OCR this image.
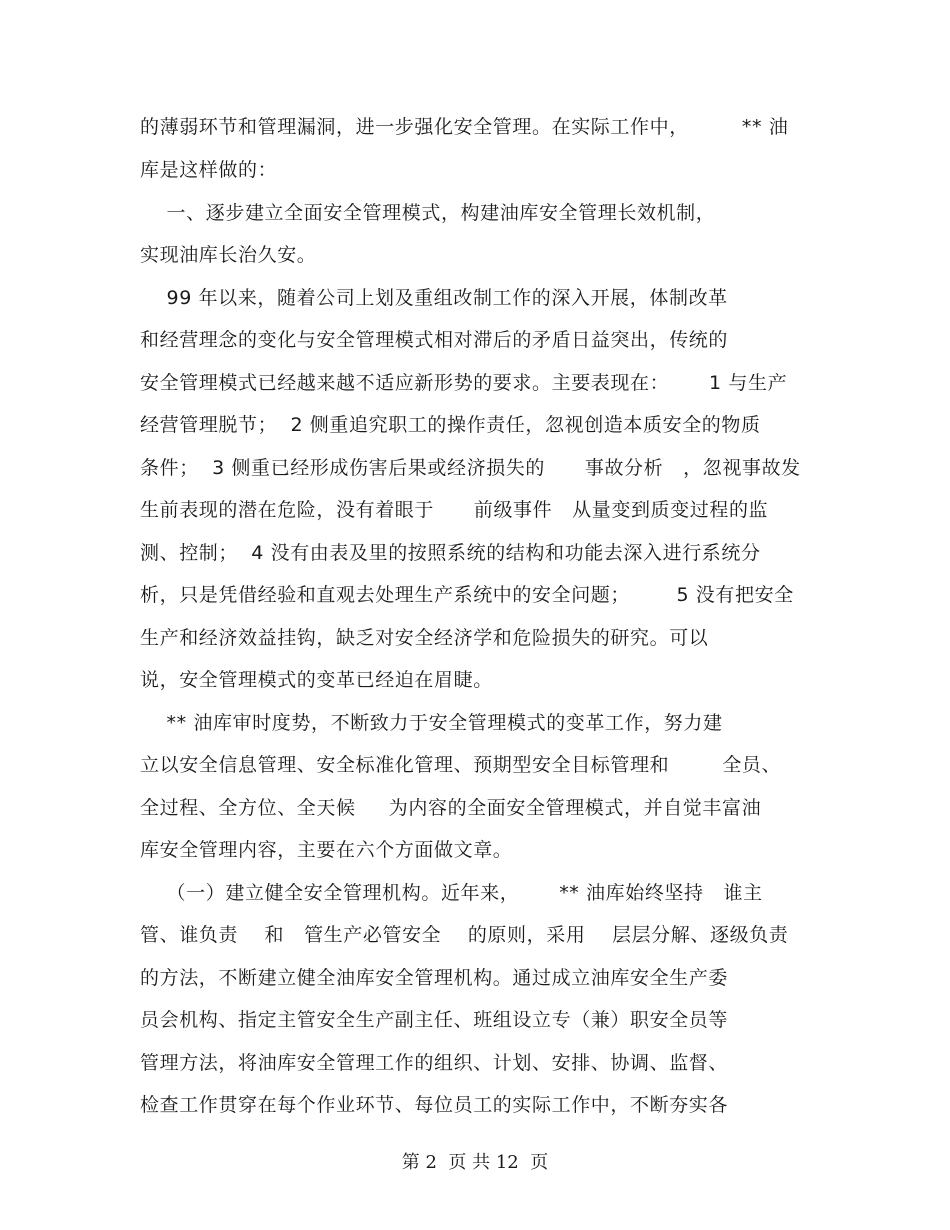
的薄弱环节和管理漏洞，进一步强化安全管理。在实际工作中，        ** 油
库是这样做的：
一、逐步建立全面安全管理模式，构建油库安全管理长效机制，
实现油库长治久安。
99 年以来，随着公司上划及重组改制工作的深入开展，体制改革
和经营理念的变化与安全管理模式相对滞后的矛盾日益突出，传统的
安全管理模式已经越来越不适应新形势的要求。主要表现在：      1 与生产
经营管理脱节；  2 侧重追究职工的操作责任，忽视创造本质安全的物质
条件；  3 侧重已经形成伤害后果或经济损失的      事故分析   ，忽视事故发
生前表现的潜在危险，没有着眼于      前级事件   从量变到质变过程的监
测、控制；  4 没有由表及里的按照系统的结构和功能去深入进行系统分
析，只是凭借经验和直观去处理生产系统中的安全问题；       5 没有把安全
生产和经济效益挂钩，缺乏对安全经济学和危险损失的研究。可以
说，安全管理模式的变革已经迫在眉睫。
** 油库审时度势，不断致力于安全管理模式的变革工作，努力建
立以安全信息管理、安全标准化管理、预期型安全目标管理和        全员、
全过程、全方位、全天候     为内容的全面安全管理模式，并自觉丰富油
库安全管理内容，主要在六个方面做文章。
（一）建立健全安全管理机构。近年来，      ** 油库始终坚持   谁主
管、谁负责    和   管生产必管安全    的原则，采用    层层分解、逐级负责
的方法，不断建立健全油库安全管理机构。通过成立油库安全生产委
员会机构、指定主管安全生产副主任、班组设立专（兼）职安全员等
管理方法，将油库安全管理工作的组织、计划、安排、协调、监督、
检查工作贯穿在每个作业环节、每位员工的实际工作中，不断夯实各
第 2  页 共 12  页
